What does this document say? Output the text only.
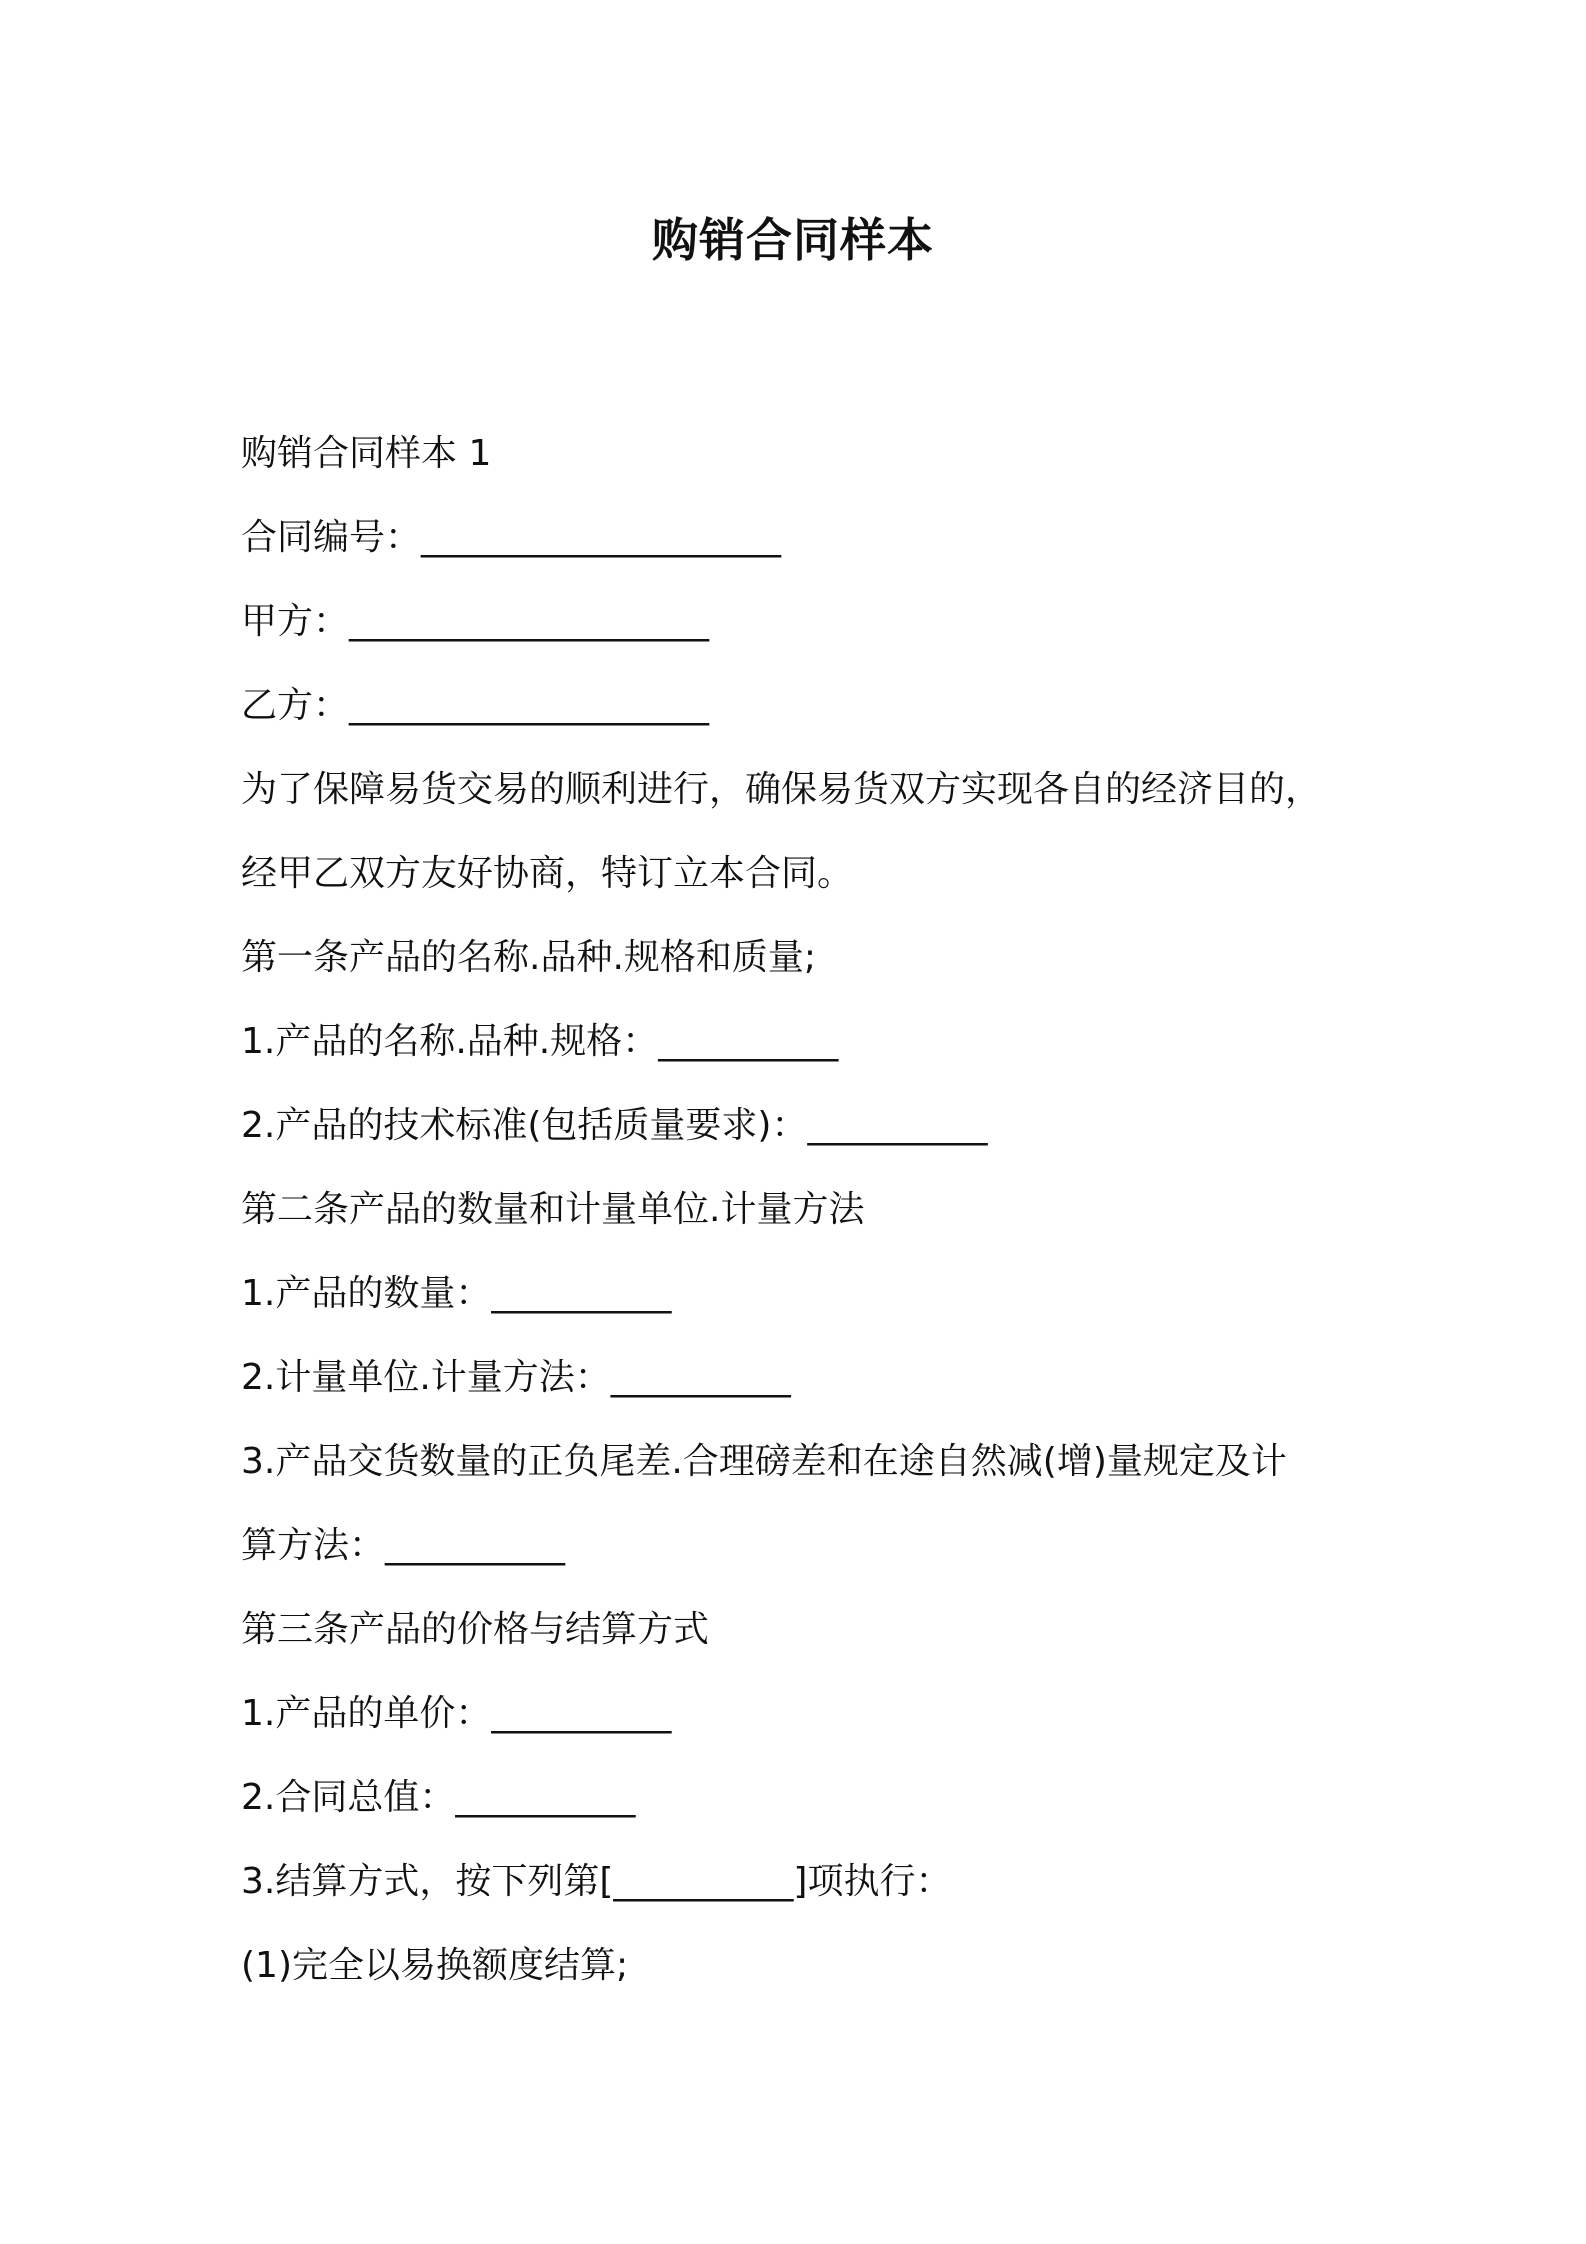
购销合同样本
购销合同样本 1
合同编号：____________________
甲方：____________________
乙方：____________________
为了保障易货交易的顺利进行，确保易货双方实现各自的经济目的，
经甲乙双方友好协商，特订立本合同。
第一条产品的名称.品种.规格和质量;
1.产品的名称.品种.规格：__________
2.产品的技术标准(包括质量要求)：__________
第二条产品的数量和计量单位.计量方法
1.产品的数量：__________
2.计量单位.计量方法：__________
3.产品交货数量的正负尾差.合理磅差和在途自然减(增)量规定及计
算方法：__________
第三条产品的价格与结算方式
1.产品的单价：__________
2.合同总值：__________
3.结算方式，按下列第[__________]项执行：
(1)完全以易换额度结算;
